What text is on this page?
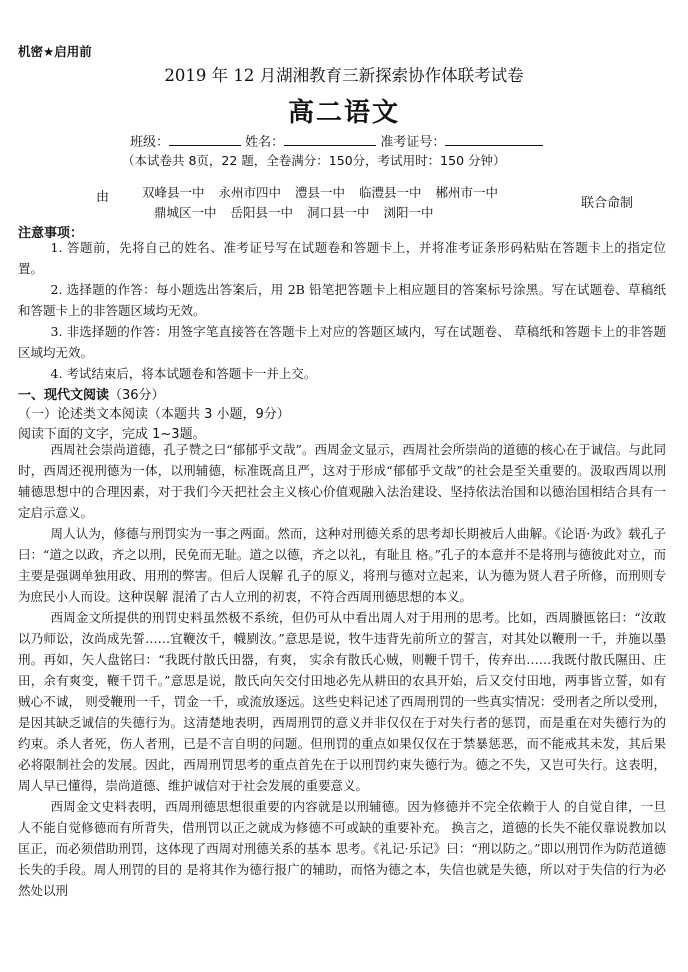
机密★启用前
2019 年 12 月湖湘教育三新探索协作体联考试卷
高二语文
班级：	姓名：	准考证号：
（本试卷共 8页，22 题，全卷满分：150分，考试用时：150 分钟）
由	双峰县一中 永州市四中 澧县一中 临澧县一中 郴州市一中
鼎城区一中 岳阳县一中 洞口县一中 浏阳一中
联合命制
注意事项：

1. 答题前，先将自己的姓名、准考证号写在试题卷和答题卡上，并将准考证条形码粘贴在答题卡上的指定位置。

2. 选择题的作答：每小题选出答案后，用 2B 铅笔把答题卡上相应题目的答案标号涂黑。写在试题卷、草稿纸和答题卡上的非答题区域均无效。

3. 非选择题的作答：用签字笔直接答在答题卡上对应的答题区域内，写在试题卷、 草稿纸和答题卡上的非答题区域均无效。

4. 考试结束后，将本试题卷和答题卡一并上交。

一、现代文阅读（36分）
（一）论述类文本阅读（本题共 3 小题，9分）
阅读下面的文字，完成 1~3题。

西周社会崇尚道德，孔子赞之曰“郁郁乎文哉”。西周金文显示，西周社会所崇尚的道德的核心在于诚信。与此同时，西周还视刑德为一体，以刑辅德，标准既高且严，这对于形成“郁郁乎文哉”的社会是至关重要的。汲取西周以刑辅德思想中的合理因素，对于我们今天把社会主义核心价值观融入法治建设、坚持依法治国和以德治国相结合具有一定启示意义。

周人认为，修德与刑罚实为一事之两面。然而，这种对刑德关系的思考却长期被后人曲解。《论语·为政》载孔子曰：“道之以政，齐之以刑，民免而无耻。道之以德，齐之以礼，有耻且 格。”孔子的本意并不是将刑与德彼此对立，而主要是强调单独用政、用刑的弊害。但后人误解 孔子的原义，将刑与德对立起来，认为德为贤人君子所修，而刑则专为庶民小人而设。这种误解 混淆了古人立刑的初衷，不符合西周刑德思想的本义。

西周金文所提供的刑罚史料虽然极不系统，但仍可从中看出周人对于用刑的思考。比如，西周賸匜铭曰：“汝敢以乃师讼，汝尚成先誓……宜鞭汝千，幭剭汝。”意思是说，牧牛违背先前所立的誓言，对其处以鞭刑一千，并施以墨刑。再如，矢人盘铭曰：“我既付散氏田器，有爽， 实余有散氏心贼，则鞭千罚千，传弃出……我既付散氏隰田、庄田，余有爽变，鞭千罚千。”意思是说，散氏向矢交付田地必先从耕田的农具开始，后又交付田地，两事皆立誓，如有贼心不诚， 则受鞭刑一千，罚金一千，或流放逐远。这些史料记述了西周刑罚的一些真实情况：受刑者之所以受刑，是因其缺乏诚信的失德行为。这清楚地表明，西周刑罚的意义并非仅仅在于对失行者的惩罚，而是重在对失德行为的约束。杀人者死，伤人者刑，已是不言自明的问题。但刑罚的重点如果仅仅在于禁暴惩恶，而不能戒其未发，其后果必将限制社会的发展。因此，西周刑罚思考的重点首先在于以刑罚约束失德行为。德之不失，又岂可失行。这表明，周人早已懂得，崇尚道德、维护诚信对于社会发展的重要意义。

西周金文史料表明，西周刑德思想很重要的内容就是以刑辅德。因为修德并不完全依赖于人 的自觉自律，一旦人不能自觉修德而有所背失，借刑罚以正之就成为修德不可或缺的重要补充。 换言之，道德的长失不能仅靠说教加以匡正，而必须借助刑罚，这体现了西周对刑德关系的基本 思考。《礼记·乐记》曰：“刑以防之。”即以刑罚作为防范道德长失的手段。周人刑罚的目的 是将其作为德行报广的辅助，而恪为德之本，失信也就是失德，所以对于失信的行为必然处以刑
